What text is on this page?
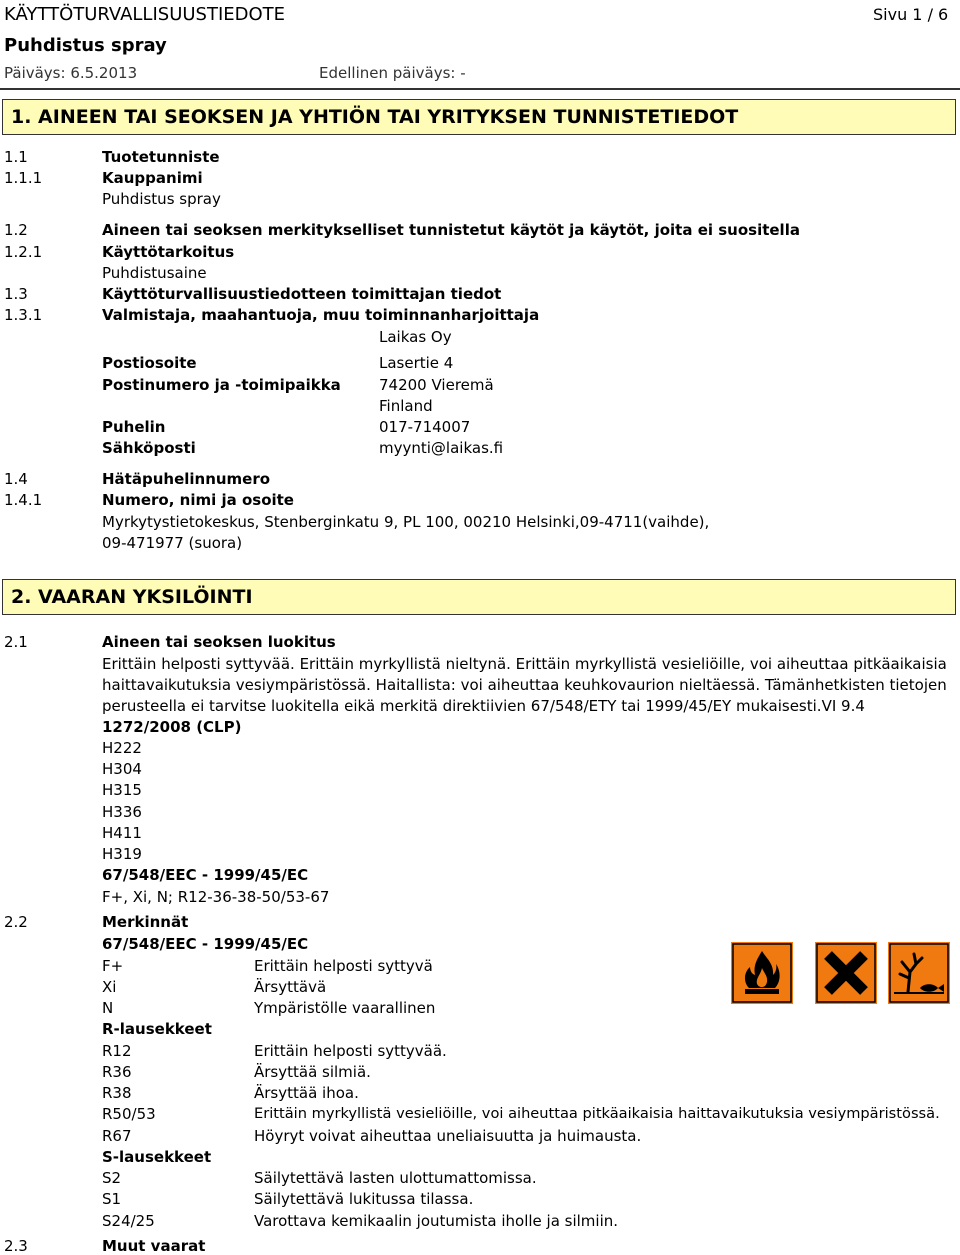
KÄYTTÖTURVALLISUUSTIEDOTE
Puhdistus spray
Päiväys: 6.5.2013	Edellinen päiväys: -
Sivu 1 / 6
1. AINEEN TAI SEOKSEN JA YHTIÖN TAI YRITYKSEN TUNNISTETIEDOT
1.1	Tuotetunniste
1.1.1	Kauppanimi
Puhdistus spray
1.2	Aineen tai seoksen merkitykselliset tunnistetut käytöt ja käytöt, joita ei suositella
1.2.1	Käyttötarkoitus
Puhdistusaine
1.3	Käyttöturvallisuustiedotteen toimittajan tiedot
1.3.1	Valmistaja, maahantuoja, muu toiminnanharjoittaja
Laikas Oy
Postiosoite	Lasertie 4
Postinumero ja -toimipaikka	74200 Vieremä
Finland
Puhelin	017-714007
Sähköposti	myynti@laikas.fi
1.4	Hätäpuhelinnumero
1.4.1	Numero, nimi ja osoite
Myrkytystietokeskus, Stenberginkatu 9, PL 100, 00210 Helsinki,09-4711(vaihde),
09-471977 (suora)
2. VAARAN YKSILÖINTI
2.1	Aineen tai seoksen luokitus
Erittäin helposti syttyvää. Erittäin myrkyllistä nieltynä. Erittäin myrkyllistä vesieliöille, voi aiheuttaa pitkäaikaisia haittavaikutuksia vesiympäristössä. Haitallista: voi aiheuttaa keuhkovaurion nieltäessä. Tämänhetkisten tietojen perusteella ei tarvitse luokitella eikä merkitä direktiivien 67/548/ETY tai 1999/45/EY mukaisesti.VI 9.4
1272/2008 (CLP)
H222
H304
H315
H336
H411
H319
67/548/EEC - 1999/45/EC
F+, Xi, N; R12-36-38-50/53-67
2.2	Merkinnät
67/548/EEC - 1999/45/EC
F+	Erittäin helposti syttyvä
Xi	Ärsyttävä
N	Ympäristölle vaarallinen
R-lausekkeet
R12	Erittäin helposti syttyvää.
R36	Ärsyttää silmiä.
R38	Ärsyttää ihoa.
R50/53	Erittäin myrkyllistä vesieliöille, voi aiheuttaa pitkäaikaisia haittavaikutuksia vesiympäristössä.
R67	Höyryt voivat aiheuttaa uneliaisuutta ja huimausta.
S-lausekkeet
S2	Säilytettävä lasten ulottumattomissa.
S1	Säilytettävä lukitussa tilassa.
S24/25	Varottava kemikaalin joutumista iholle ja silmiin.
2.3	Muut vaarat
